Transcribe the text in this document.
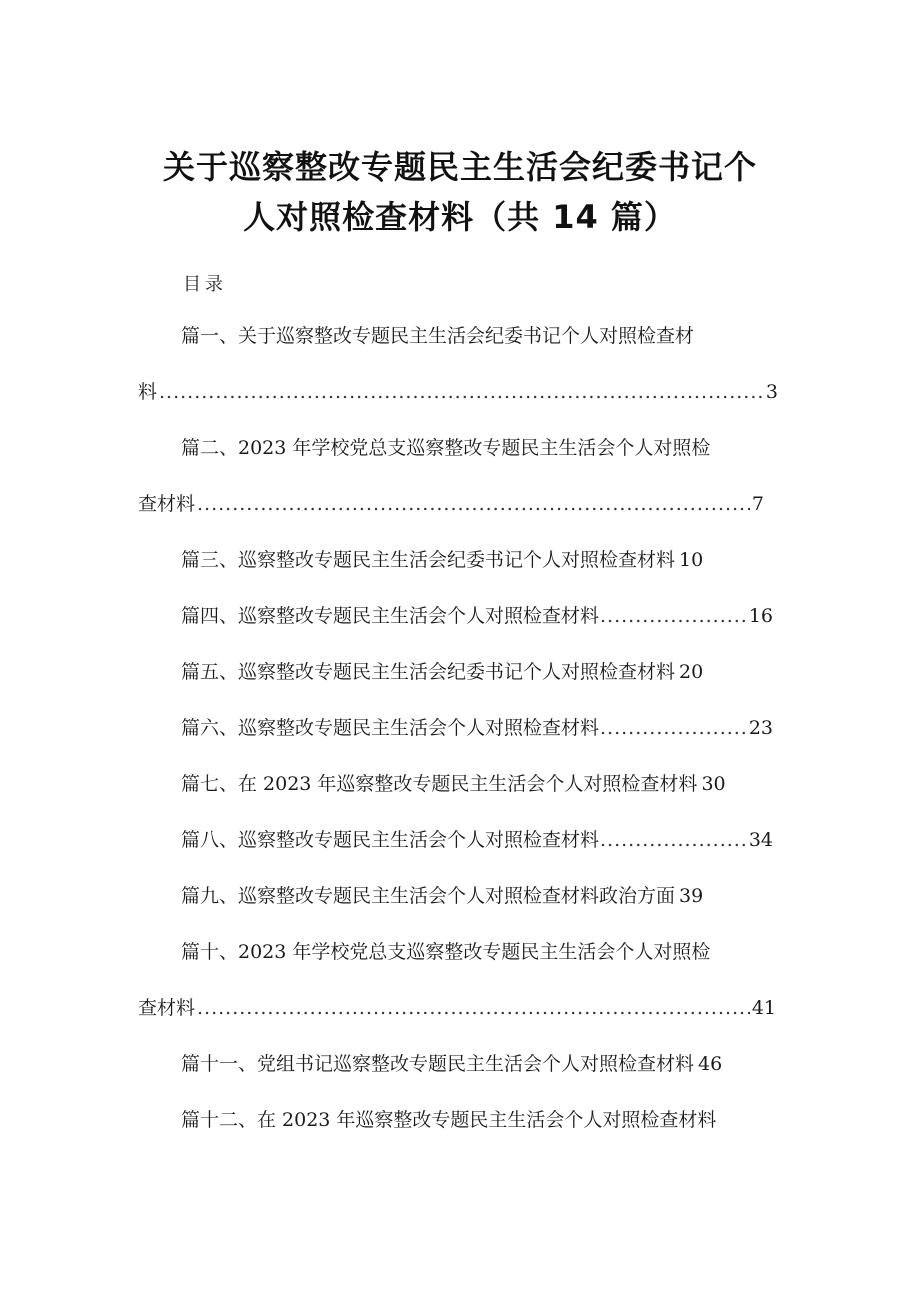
关于巡察整改专题民主生活会纪委书记个
人对照检查材料（共 14 篇）
目录
篇一、关于巡察整改专题民主生活会纪委书记个人对照检查材
料 .....	3
篇二、2023 年学校党总支巡察整改专题民主生活会个人对照检
查材料 .....	7
篇三、巡察整改专题民主生活会纪委书记个人对照检查材料 10
篇四、巡察整改专题民主生活会个人对照检查材料 .....	16
篇五、巡察整改专题民主生活会纪委书记个人对照检查材料 20
篇六、巡察整改专题民主生活会个人对照检查材料 .....	23
篇七、在 2023 年巡察整改专题民主生活会个人对照检查材料 30
篇八、巡察整改专题民主生活会个人对照检查材料 .....	34
篇九、巡察整改专题民主生活会个人对照检查材料政治方面 39
篇十、2023 年学校党总支巡察整改专题民主生活会个人对照检
查材料 .....	41
篇十一、党组书记巡察整改专题民主生活会个人对照检查材料 46
篇十二、在 2023 年巡察整改专题民主生活会个人对照检查材料
